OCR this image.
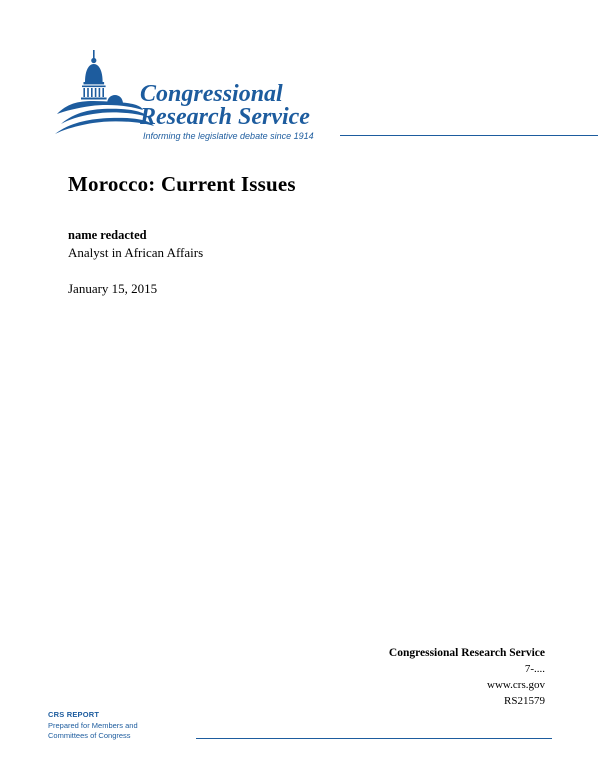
Congressional
Research Service
Informing the legislative debate since 1914
Morocco: Current Issues
name redacted
Analyst in African Affairs
January 15, 2015
Congressional Research Service
7-....
www.crs.gov
RS21579
CRS REPORT
Prepared for Members and
Committees of Congress
